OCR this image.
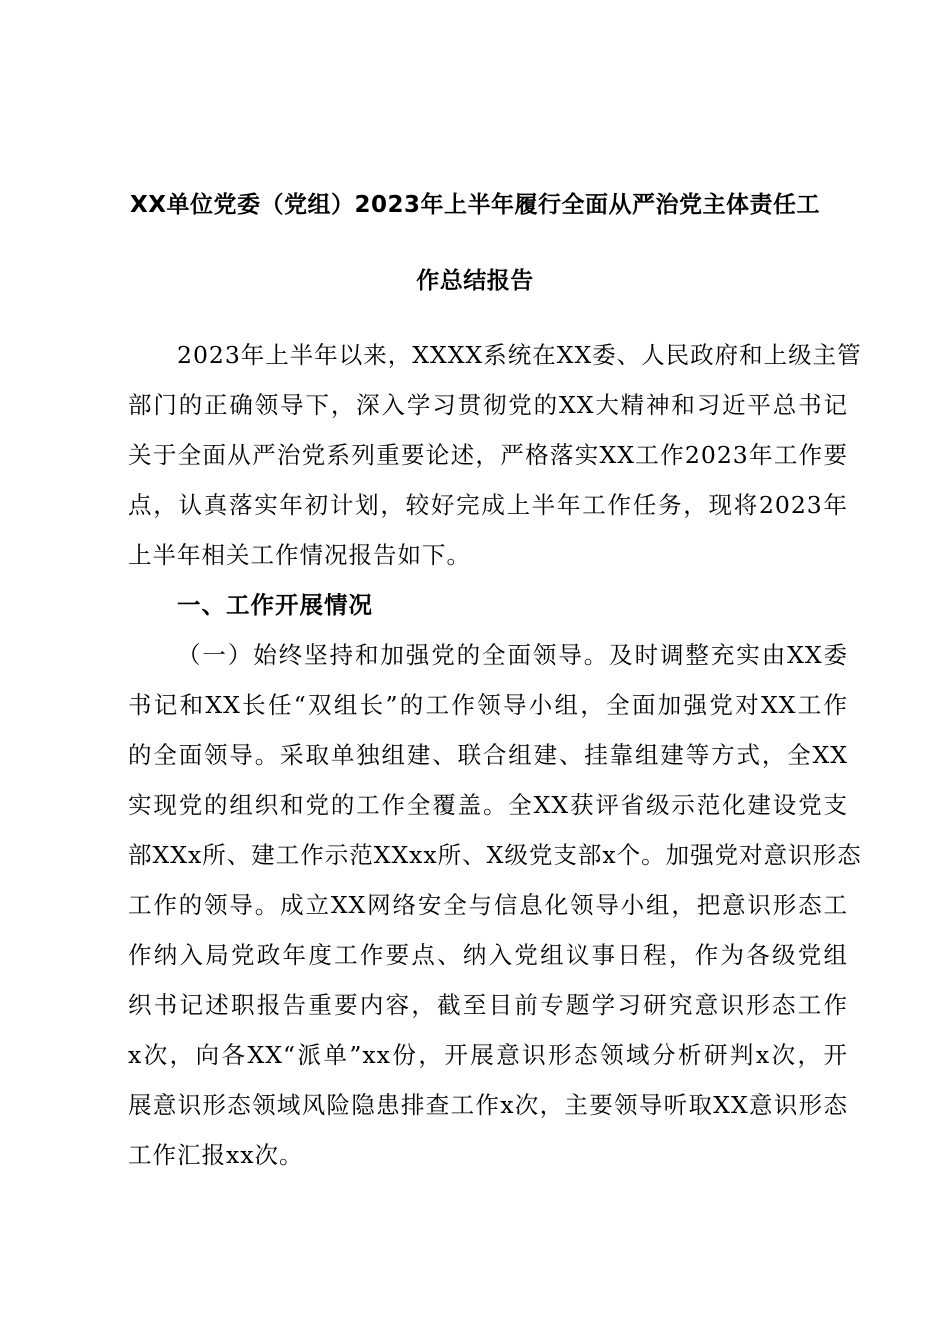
XX单位党委（党组）2023年上半年履行全面从严治党主体责任工
作总结报告
2023年上半年以来，XXXX系统在XX委、人民政府和上级主管
部门的正确领导下，深入学习贯彻党的XX大精神和习近平总书记
关于全面从严治党系列重要论述，严格落实XX工作2023年工作要
点，认真落实年初计划，较好完成上半年工作任务，现将2023年
上半年相关工作情况报告如下。
一、工作开展情况
（一）始终坚持和加强党的全面领导。及时调整充实由XX委
书记和XX长任“双组长”的工作领导小组，全面加强党对XX工作
的全面领导。采取单独组建、联合组建、挂靠组建等方式，全XX
实现党的组织和党的工作全覆盖。全XX获评省级示范化建设党支
部XXx所、建工作示范XXxx所、X级党支部x个。加强党对意识形态
工作的领导。成立XX网络安全与信息化领导小组，把意识形态工
作纳入局党政年度工作要点、纳入党组议事日程，作为各级党组
织书记述职报告重要内容，截至目前专题学习研究意识形态工作
x次，向各XX“派单”xx份，开展意识形态领域分析研判x次，开
展意识形态领域风险隐患排查工作x次，主要领导听取XX意识形态
工作汇报xx次。
